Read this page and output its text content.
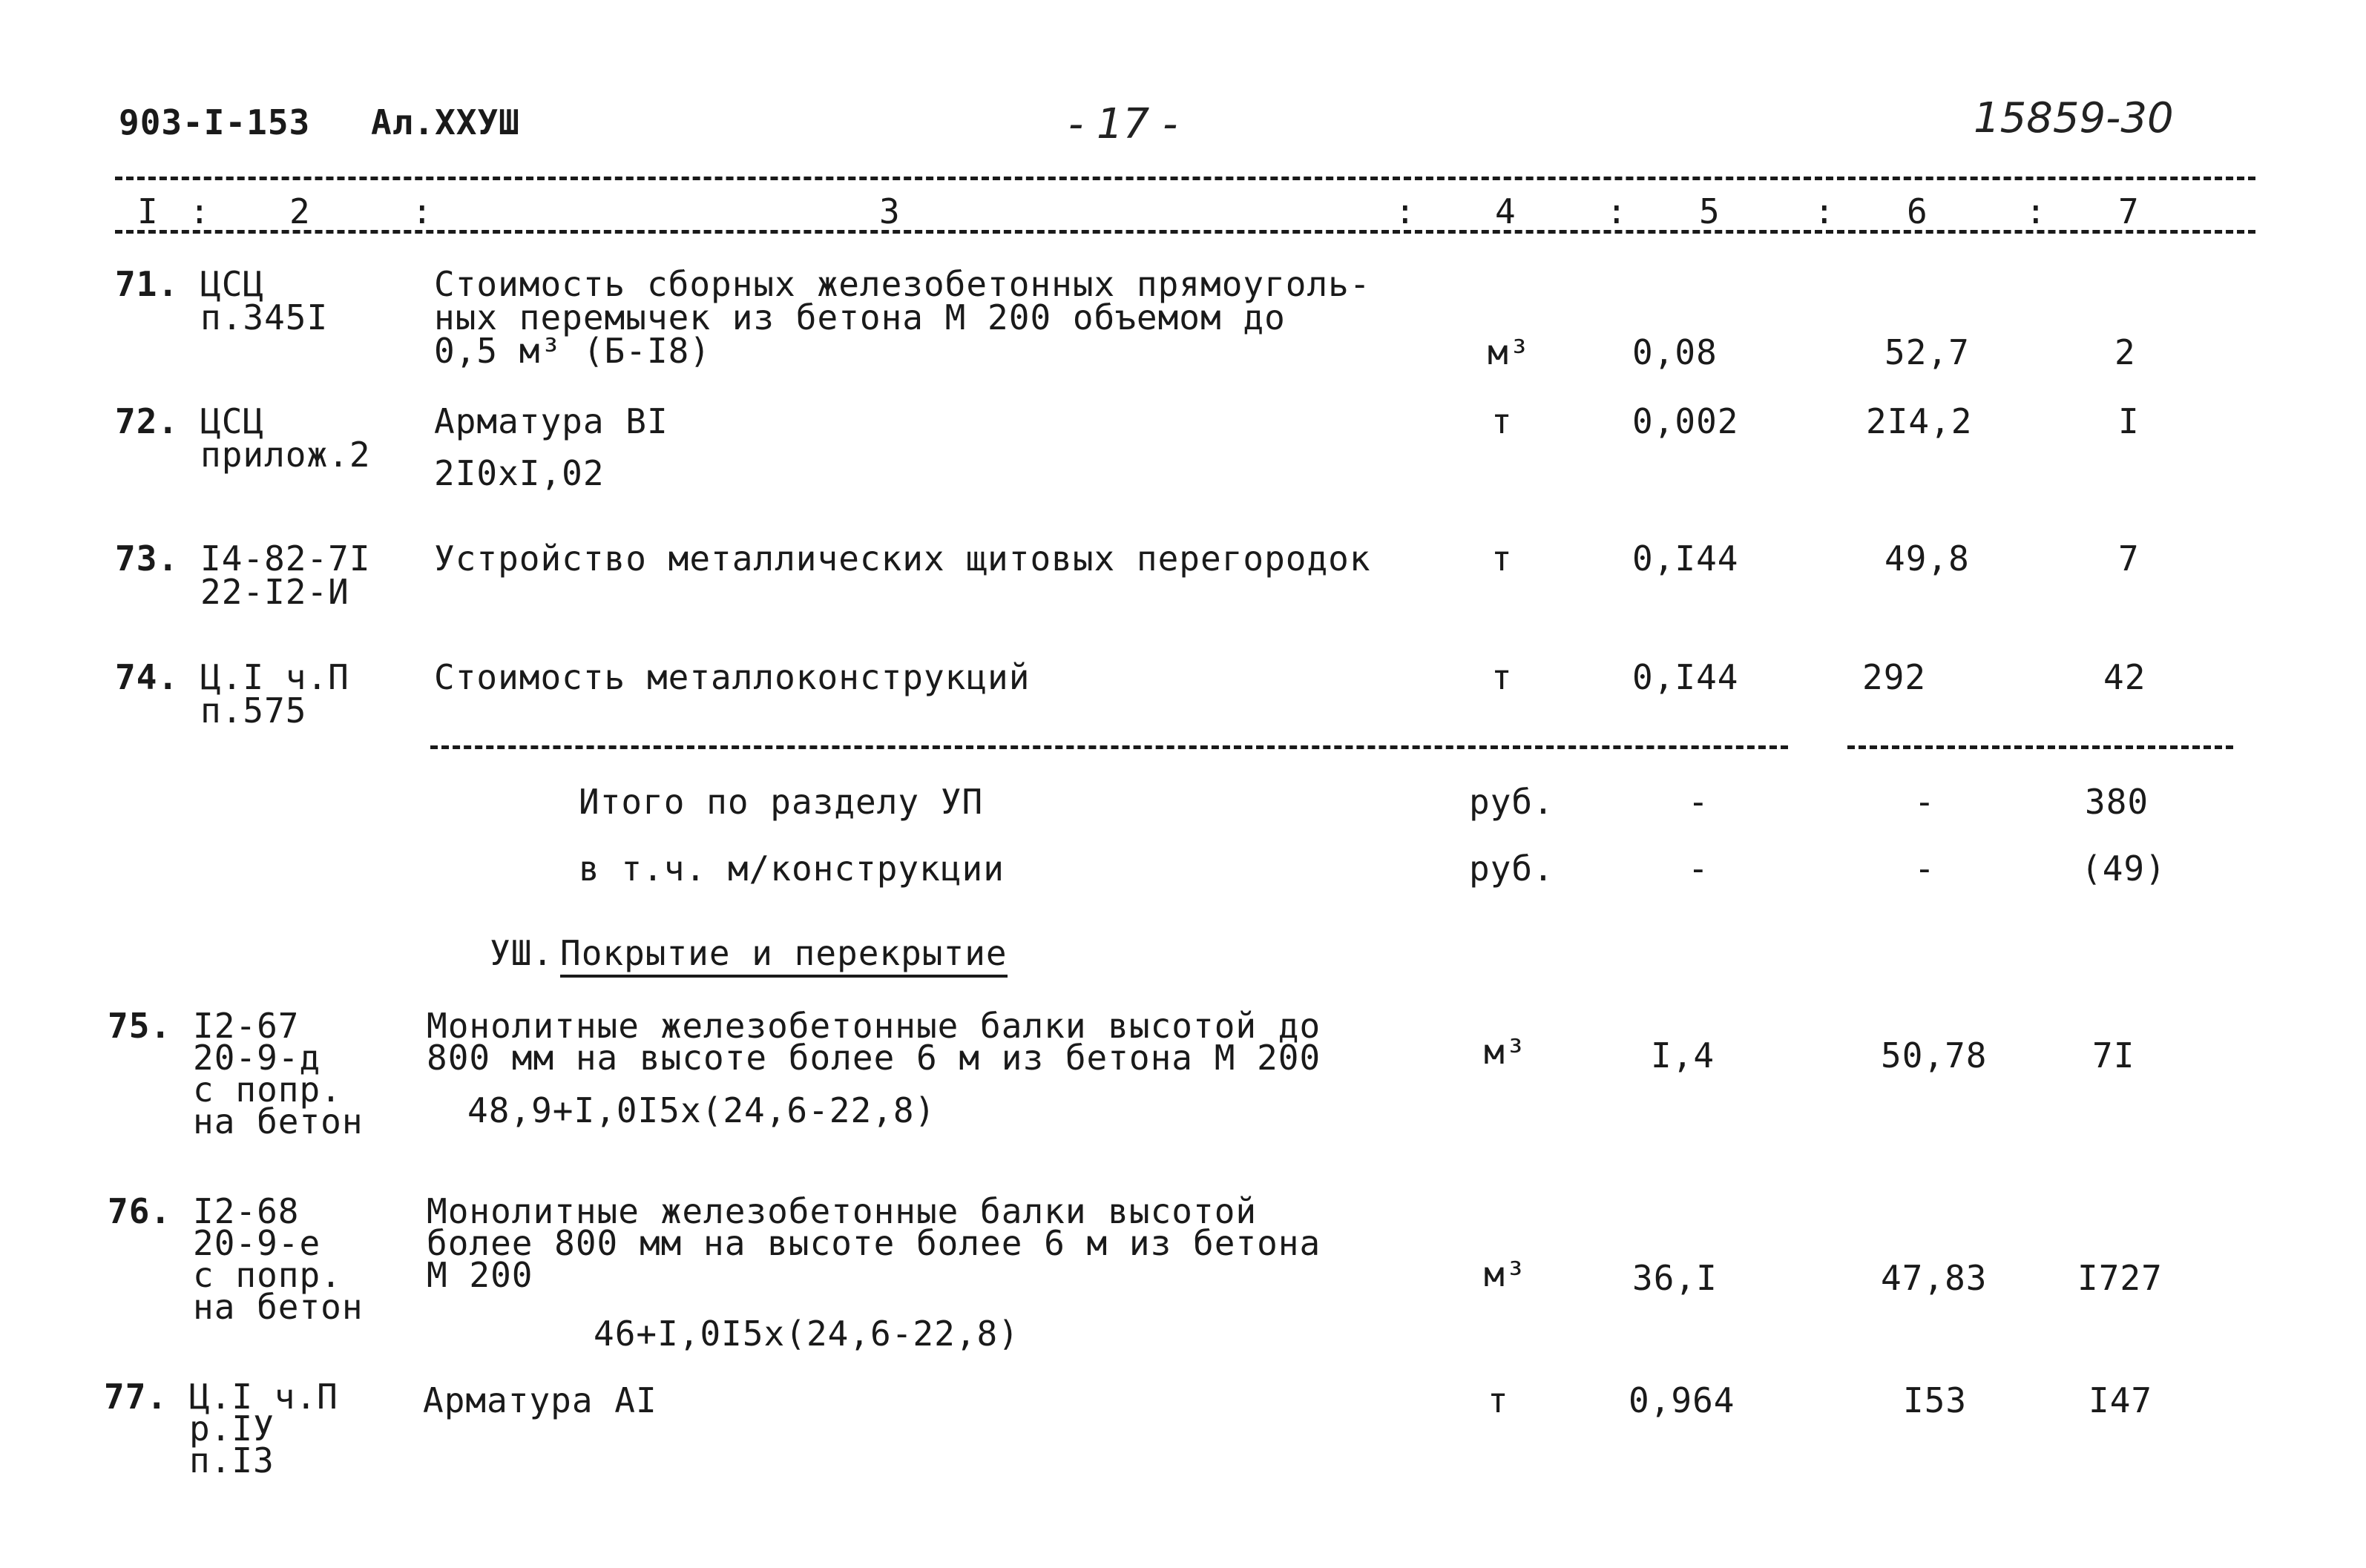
903-I-153 Ал.XXУШ	- 17 -	15859-30
I	2	3	4	5	6	7
:	:	:	:	:	:
71. ЦСЦ
п.345I
Стоимость сборных железобетонных прямоуголь-
ных перемычек из бетона М 200 объемом до
0,5 м³ (Б-I8)	м³	0,08	52,7	2
72. ЦСЦ
прилож.2
Арматура BI
2I0xI,02
т	0,002	2I4,2	I
73. I4-82-7I
22-I2-И
Устройство металлических щитовых перегородок	т	0,I44	49,8	7
74. Ц.I ч.П
п.575
Стоимость металлоконструкций	т	0,I44	292	42
Итого по разделу УП	руб.	-	-	380
в т.ч. м/конструкции	руб.	-	-	(49)
УШ. Покрытие и перекрытие
75. I2-67
20-9-д
с попр.
на бетон
Монолитные железобетонные балки высотой до
800 мм на высоте более 6 м из бетона М 200
48,9+I,0I5x(24,6-22,8)
м³	I,4	50,78	7I
76. I2-68
20-9-е
с попр.
на бетон
Монолитные железобетонные балки высотой
более 800 мм на высоте более 6 м из бетона
М 200
46+I,0I5x(24,6-22,8)
м³	36,I	47,83	I727
77. Ц.I ч.П
р.IУ
п.I3
Арматура AI	т	0,964	I53	I47
